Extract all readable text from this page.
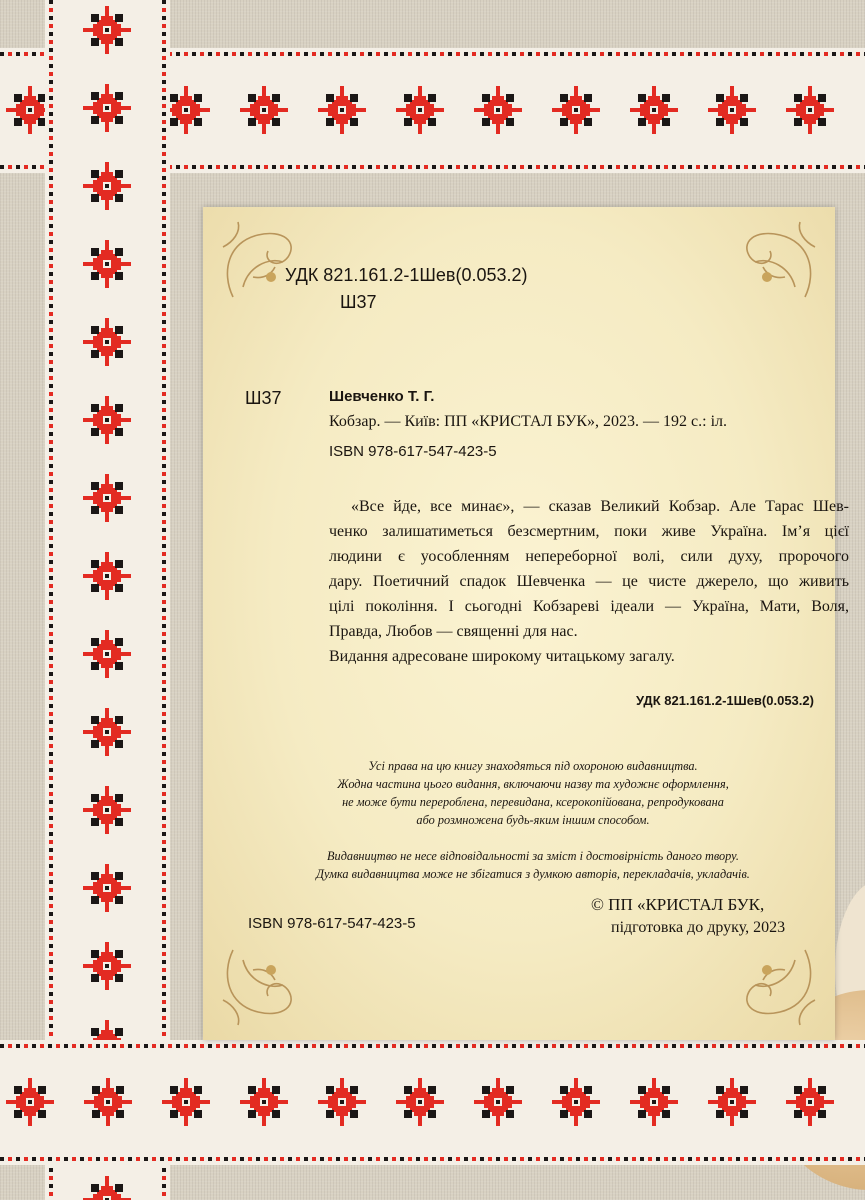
УДК 821.161.2-1Шев(0.053.2)
Ш37
Ш37	Шевченко Т. Г.
Кобзар. — Київ: ПП «КРИСТАЛ БУК», 2023. — 192 с.: іл.
ISBN 978-617-547-423-5
«Все йде, все минає», — сказав Великий Кобзар. Але Тарас Шев-
ченко залишатиметься безсмертним, поки живе Україна. Ім’я цієї
людини є уособленням непереборної волі, сили духу, пророчого
дару. Поетичний спадок Шевченка — це чисте джерело, що живить
цілі покоління. І сьогодні Кобзареві ідеали — Україна, Мати, Воля,
Правда, Любов — священні для нас.
Видання адресоване широкому читацькому загалу.
УДК 821.161.2-1Шев(0.053.2)
Усі права на цю книгу знаходяться під охороною видавництва.
Жодна частина цього видання, включаючи назву та художнє оформлення,
не може бути перероблена, перевидана, ксерокопійована, репродукована
або розмножена будь-яким іншим способом.
Видавництво не несе відповідальності за зміст і достовірність даного твору.
Думка видавництва може не збігатися з думкою авторів, перекладачів, укладачів.
ISBN 978-617-547-423-5
© ПП «КРИСТАЛ БУК,
підготовка до друку, 2023
